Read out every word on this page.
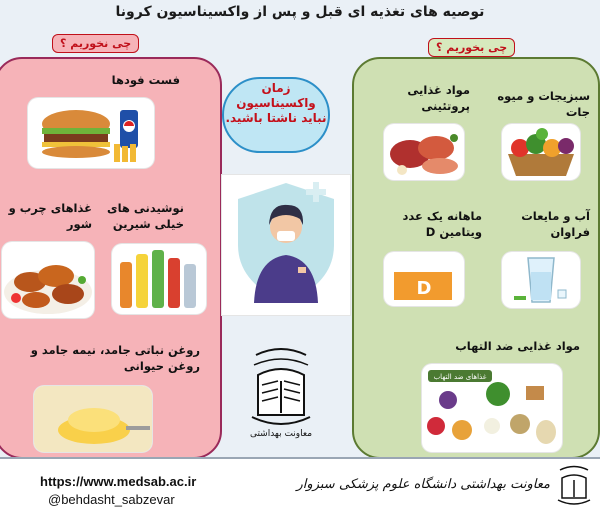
توصیه های تغذیه ای قبل و پس از واکسیناسیون کرونا
چی نخوریم ؟
فست فودها
نوشیدنی های خیلی شیرین
غذاهای چرب و شور
روغن نباتی جامد، نیمه جامد و روغن حیوانی
زمان واکسیناسیون نباید ناشتا باشید.
معاونت بهداشتی
چی بخوریم ؟
سبزیجات و میوه جات
مواد غذایی پروتئینی
آب و مایعات فراوان
ماهانه یک عدد ویتامین D
D
مواد غذایی ضد التهاب
غذاهای ضد التهاب
https://www.medsab.ac.ir
@behdasht_sabzevar
معاونت بهداشتی دانشگاه علوم پزشکی سبزوار
